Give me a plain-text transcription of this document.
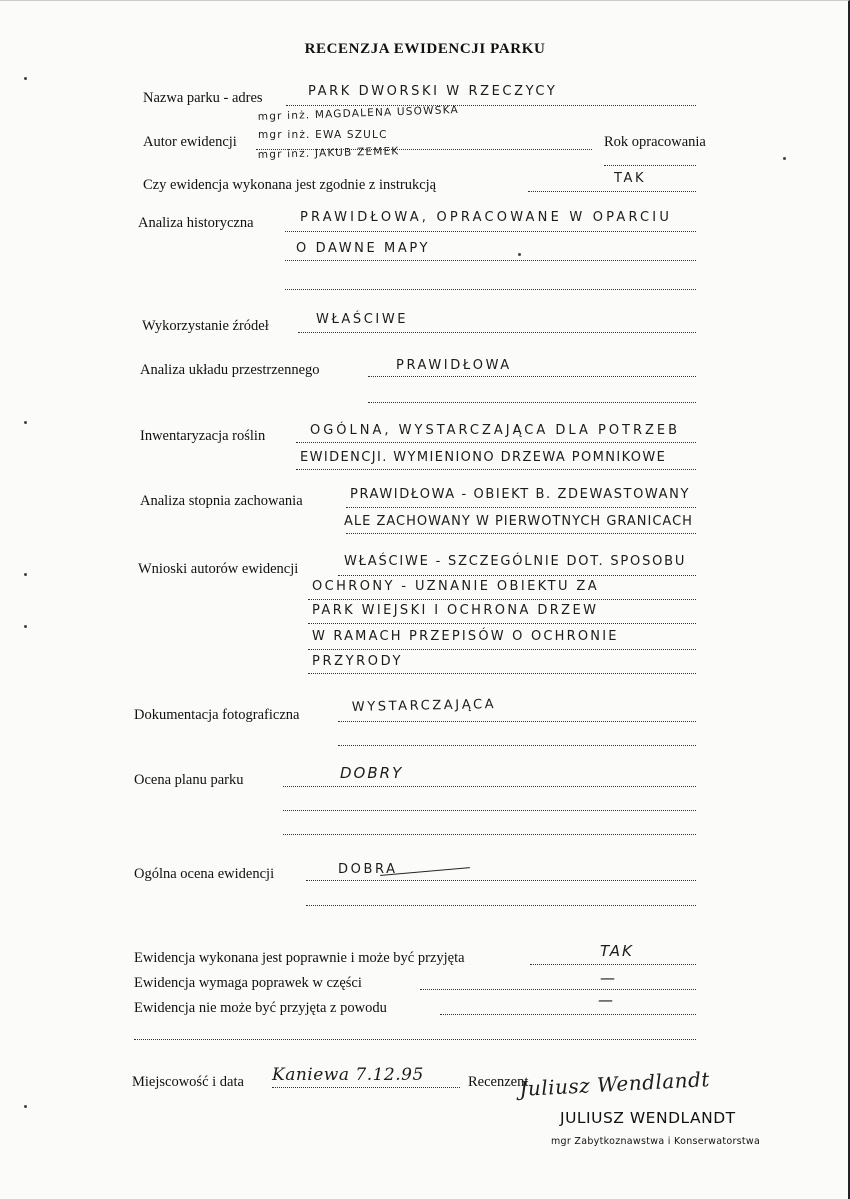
RECENZJA EWIDENCJI PARKU
Nazwa parku - adres	PARK DWORSKI W RZECZYCY
Autor ewidencji
mgr inż. MAGDALENA USOWSKA
mgr inż. EWA SZULC
mgr inż. JAKUB ZEMEK
Rok opracowania
Czy ewidencja wykonana jest zgodnie z instrukcją	TAK
Analiza historyczna	PRAWIDŁOWA, OPRACOWANE W OPARCIU
O DAWNE MAPY
Wykorzystanie źródeł	WŁAŚCIWE
Analiza układu przestrzennego	PRAWIDŁOWA
Inwentaryzacja roślin	OGÓLNA, WYSTARCZAJĄCA DLA POTRZEB
EWIDENCJI. WYMIENIONO DRZEWA POMNIKOWE
Analiza stopnia zachowania	PRAWIDŁOWA - OBIEKT B. ZDEWASTOWANY
ALE ZACHOWANY W PIERWOTNYCH GRANICACH
Wnioski autorów ewidencji	WŁAŚCIWE - SZCZEGÓLNIE DOT. SPOSOBU
OCHRONY - UZNANIE OBIEKTU ZA
PARK WIEJSKI I OCHRONA DRZEW
W RAMACH PRZEPISÓW O OCHRONIE
PRZYRODY
Dokumentacja fotograficzna	WYSTARCZAJĄCA
Ocena planu parku	DOBRY
Ogólna ocena ewidencji	DOBRA
Ewidencja wykonana jest poprawnie i może być przyjęta	TAK
Ewidencja wymaga poprawek w części	—
Ewidencja nie może być przyjęta z powodu	—
Miejscowość i data Kaniewa 7.12.95	Recenzent
Juliusz Wendlandt
JULIUSZ WENDLANDT
mgr Zabytkoznawstwa i Konserwatorstwa
